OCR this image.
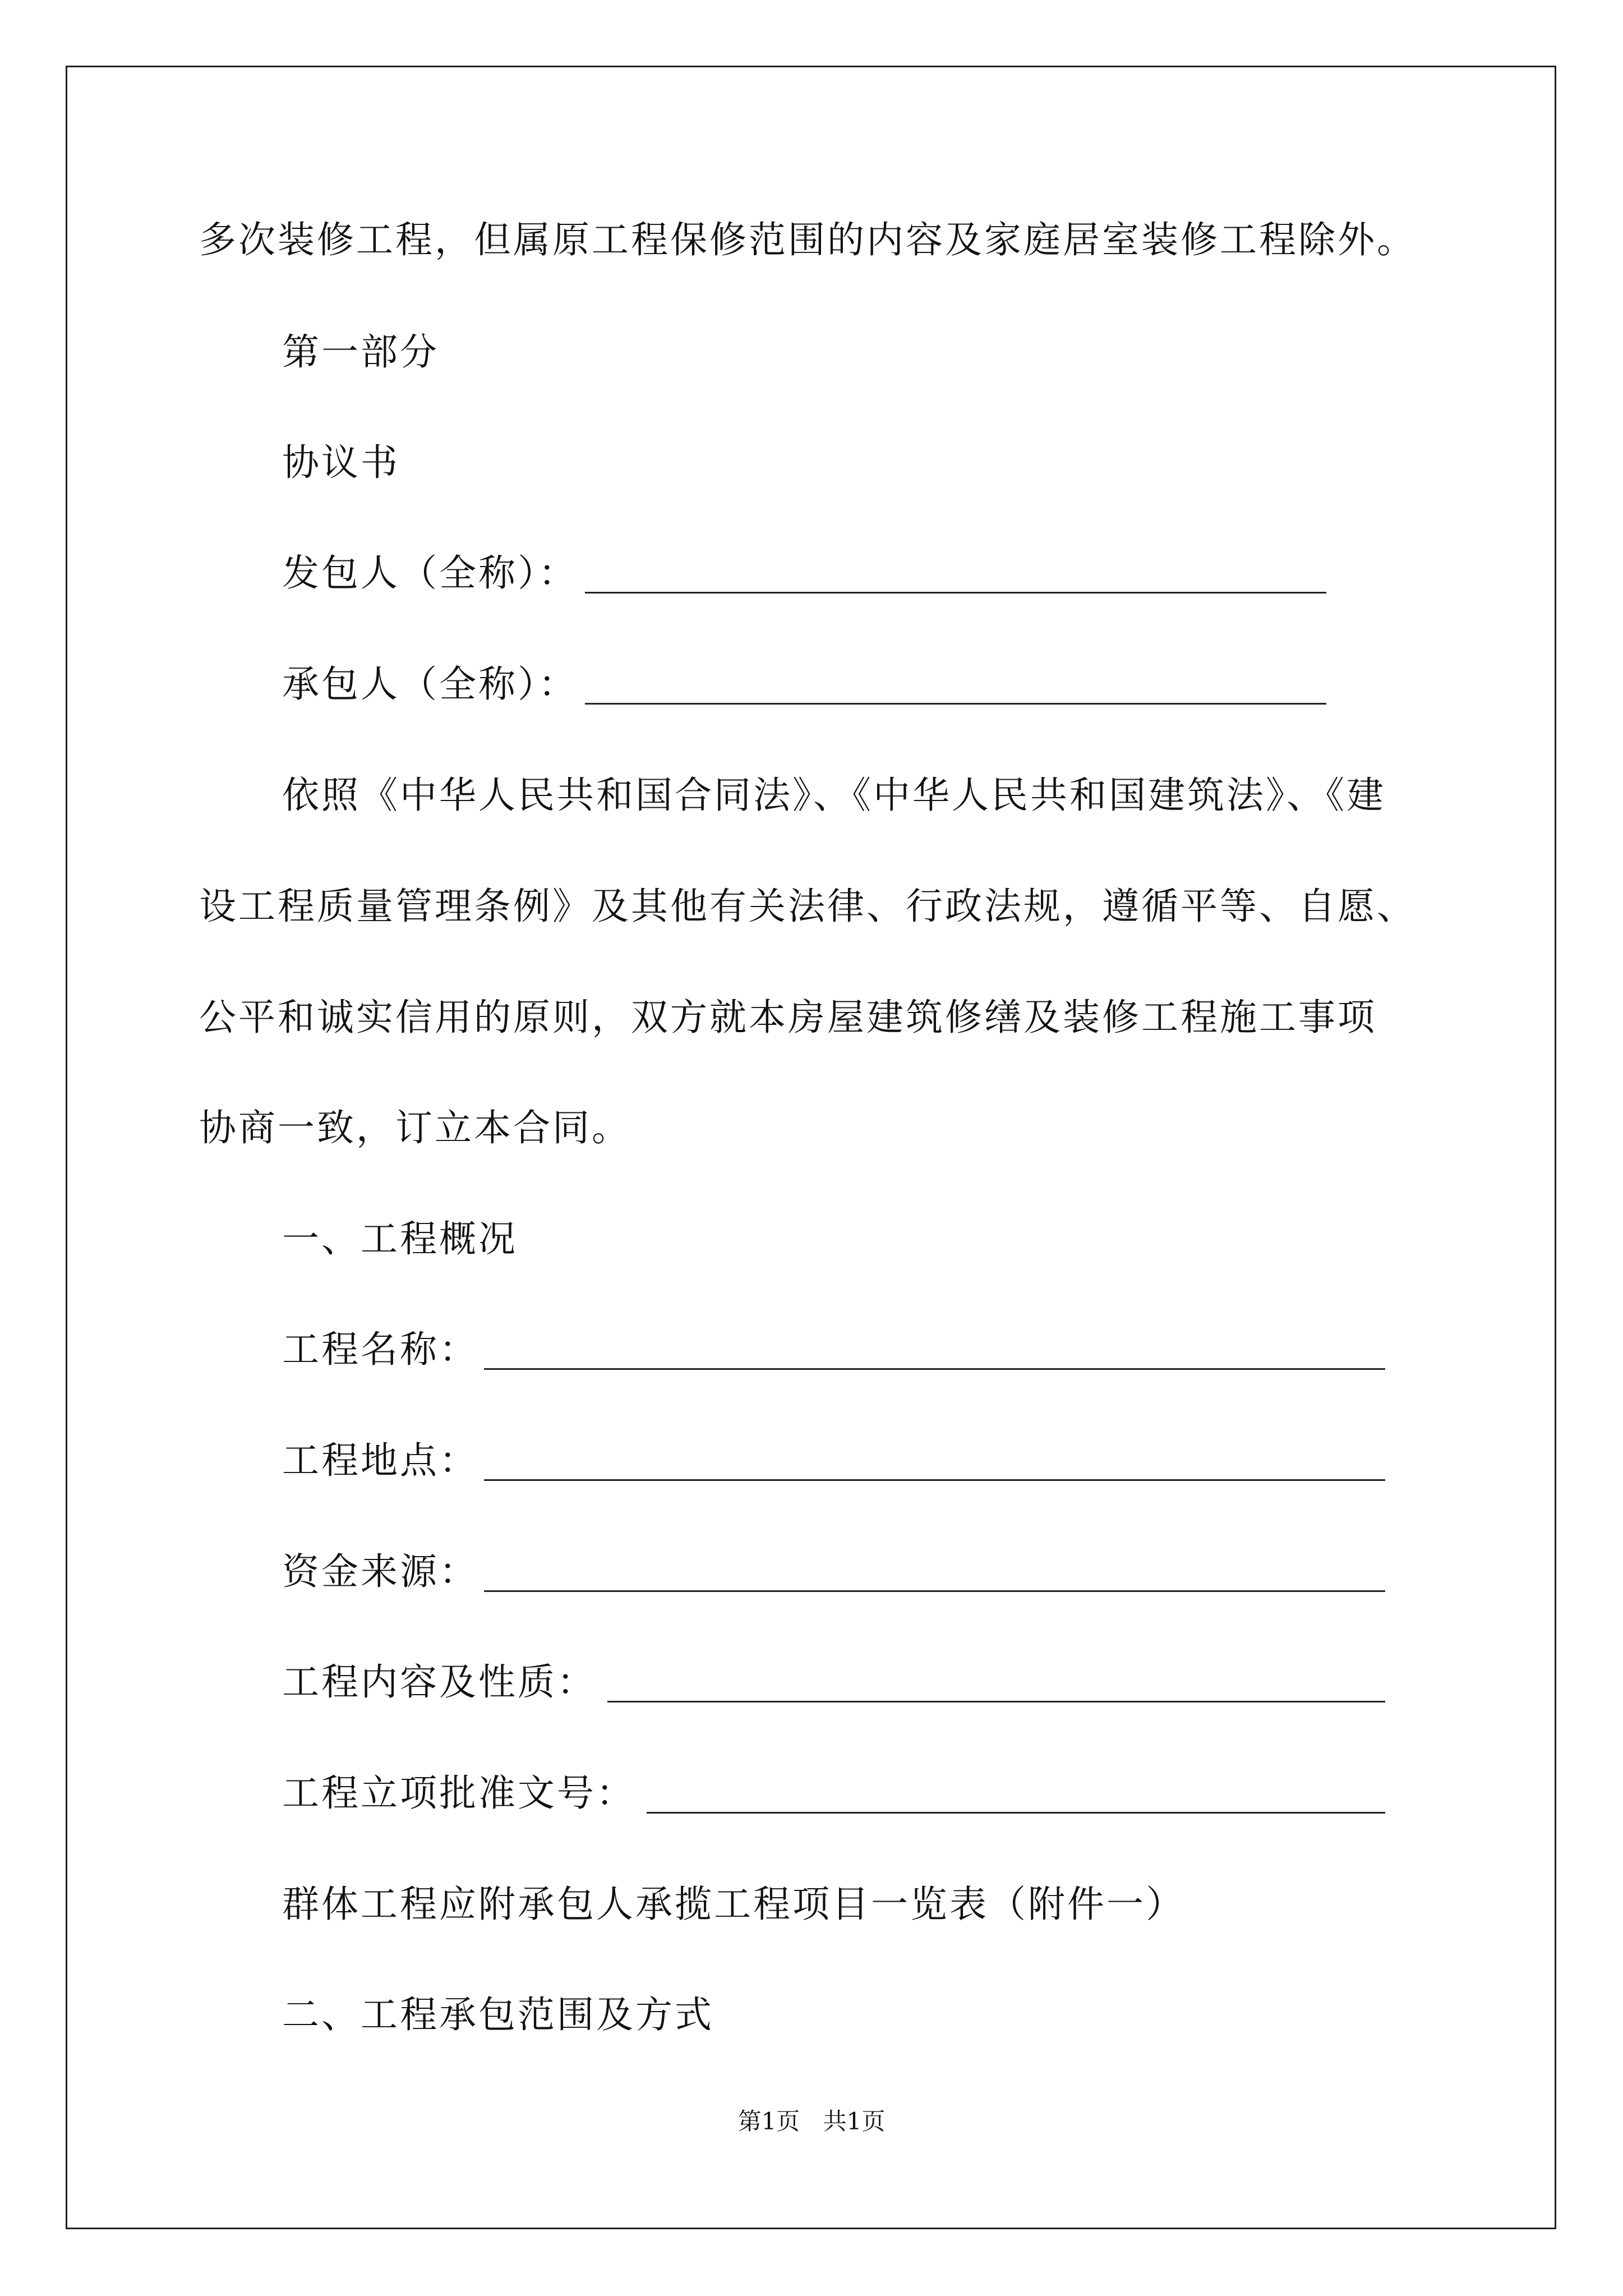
多次装修工程，但属原工程保修范围的内容及家庭居室装修工程除外。
第一部分
协议书
发包人（全称）：
承包人（全称）：
依照《中华人民共和国合同法》、《中华人民共和国建筑法》、《建
设工程质量管理条例》及其他有关法律、行政法规，遵循平等、自愿、
公平和诚实信用的原则，双方就本房屋建筑修缮及装修工程施工事项
协商一致，订立本合同。
一、工程概况
工程名称：
工程地点：
资金来源：
工程内容及性质：
工程立项批准文号：
群体工程应附承包人承揽工程项目一览表（附件一）
二、工程承包范围及方式
第1页 共1页
